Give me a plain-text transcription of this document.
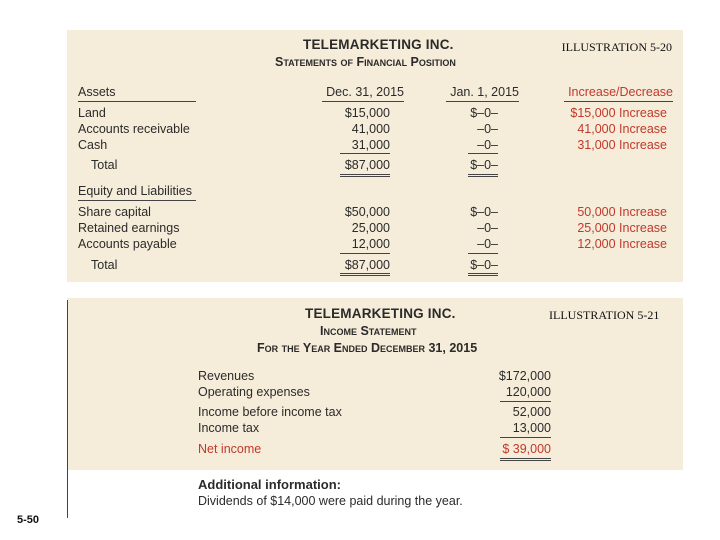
TELEMARKETING INC.
Statements of Financial Position
ILLUSTRATION 5-20
Assets	Dec. 31, 2015	Jan. 1, 2015	Increase/Decrease
Land	$15,000	$–0–	$15,000 Increase
Accounts receivable	41,000	–0–	41,000 Increase
Cash	31,000	–0–	31,000 Increase
Total	$87,000	$–0–
Equity and Liabilities
Share capital	$50,000	$–0–	50,000 Increase
Retained earnings	25,000	–0–	25,000 Increase
Accounts payable	12,000	–0–	12,000 Increase
Total	$87,000	$–0–
TELEMARKETING INC.
Income Statement
For the Year Ended December 31, 2015
ILLUSTRATION 5-21
Revenues	$172,000
Operating expenses	120,000
Income before income tax	52,000
Income tax	13,000
Net income	$ 39,000
Additional information:
Dividends of $14,000 were paid during the year.
5-50
